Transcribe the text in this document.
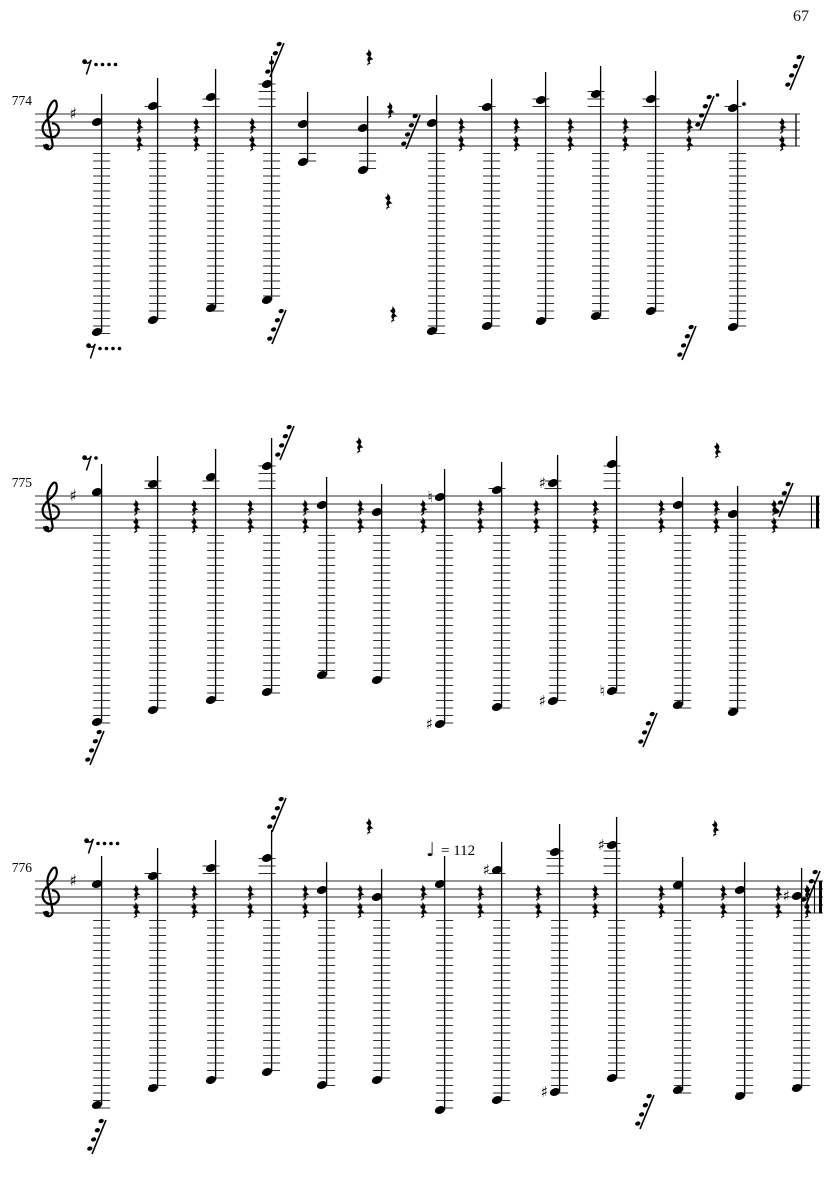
67
774
♯
775
♯	♮
♯
♯
♯
♮
776
♯
♯
♯
♯
♯
♩ = 112
